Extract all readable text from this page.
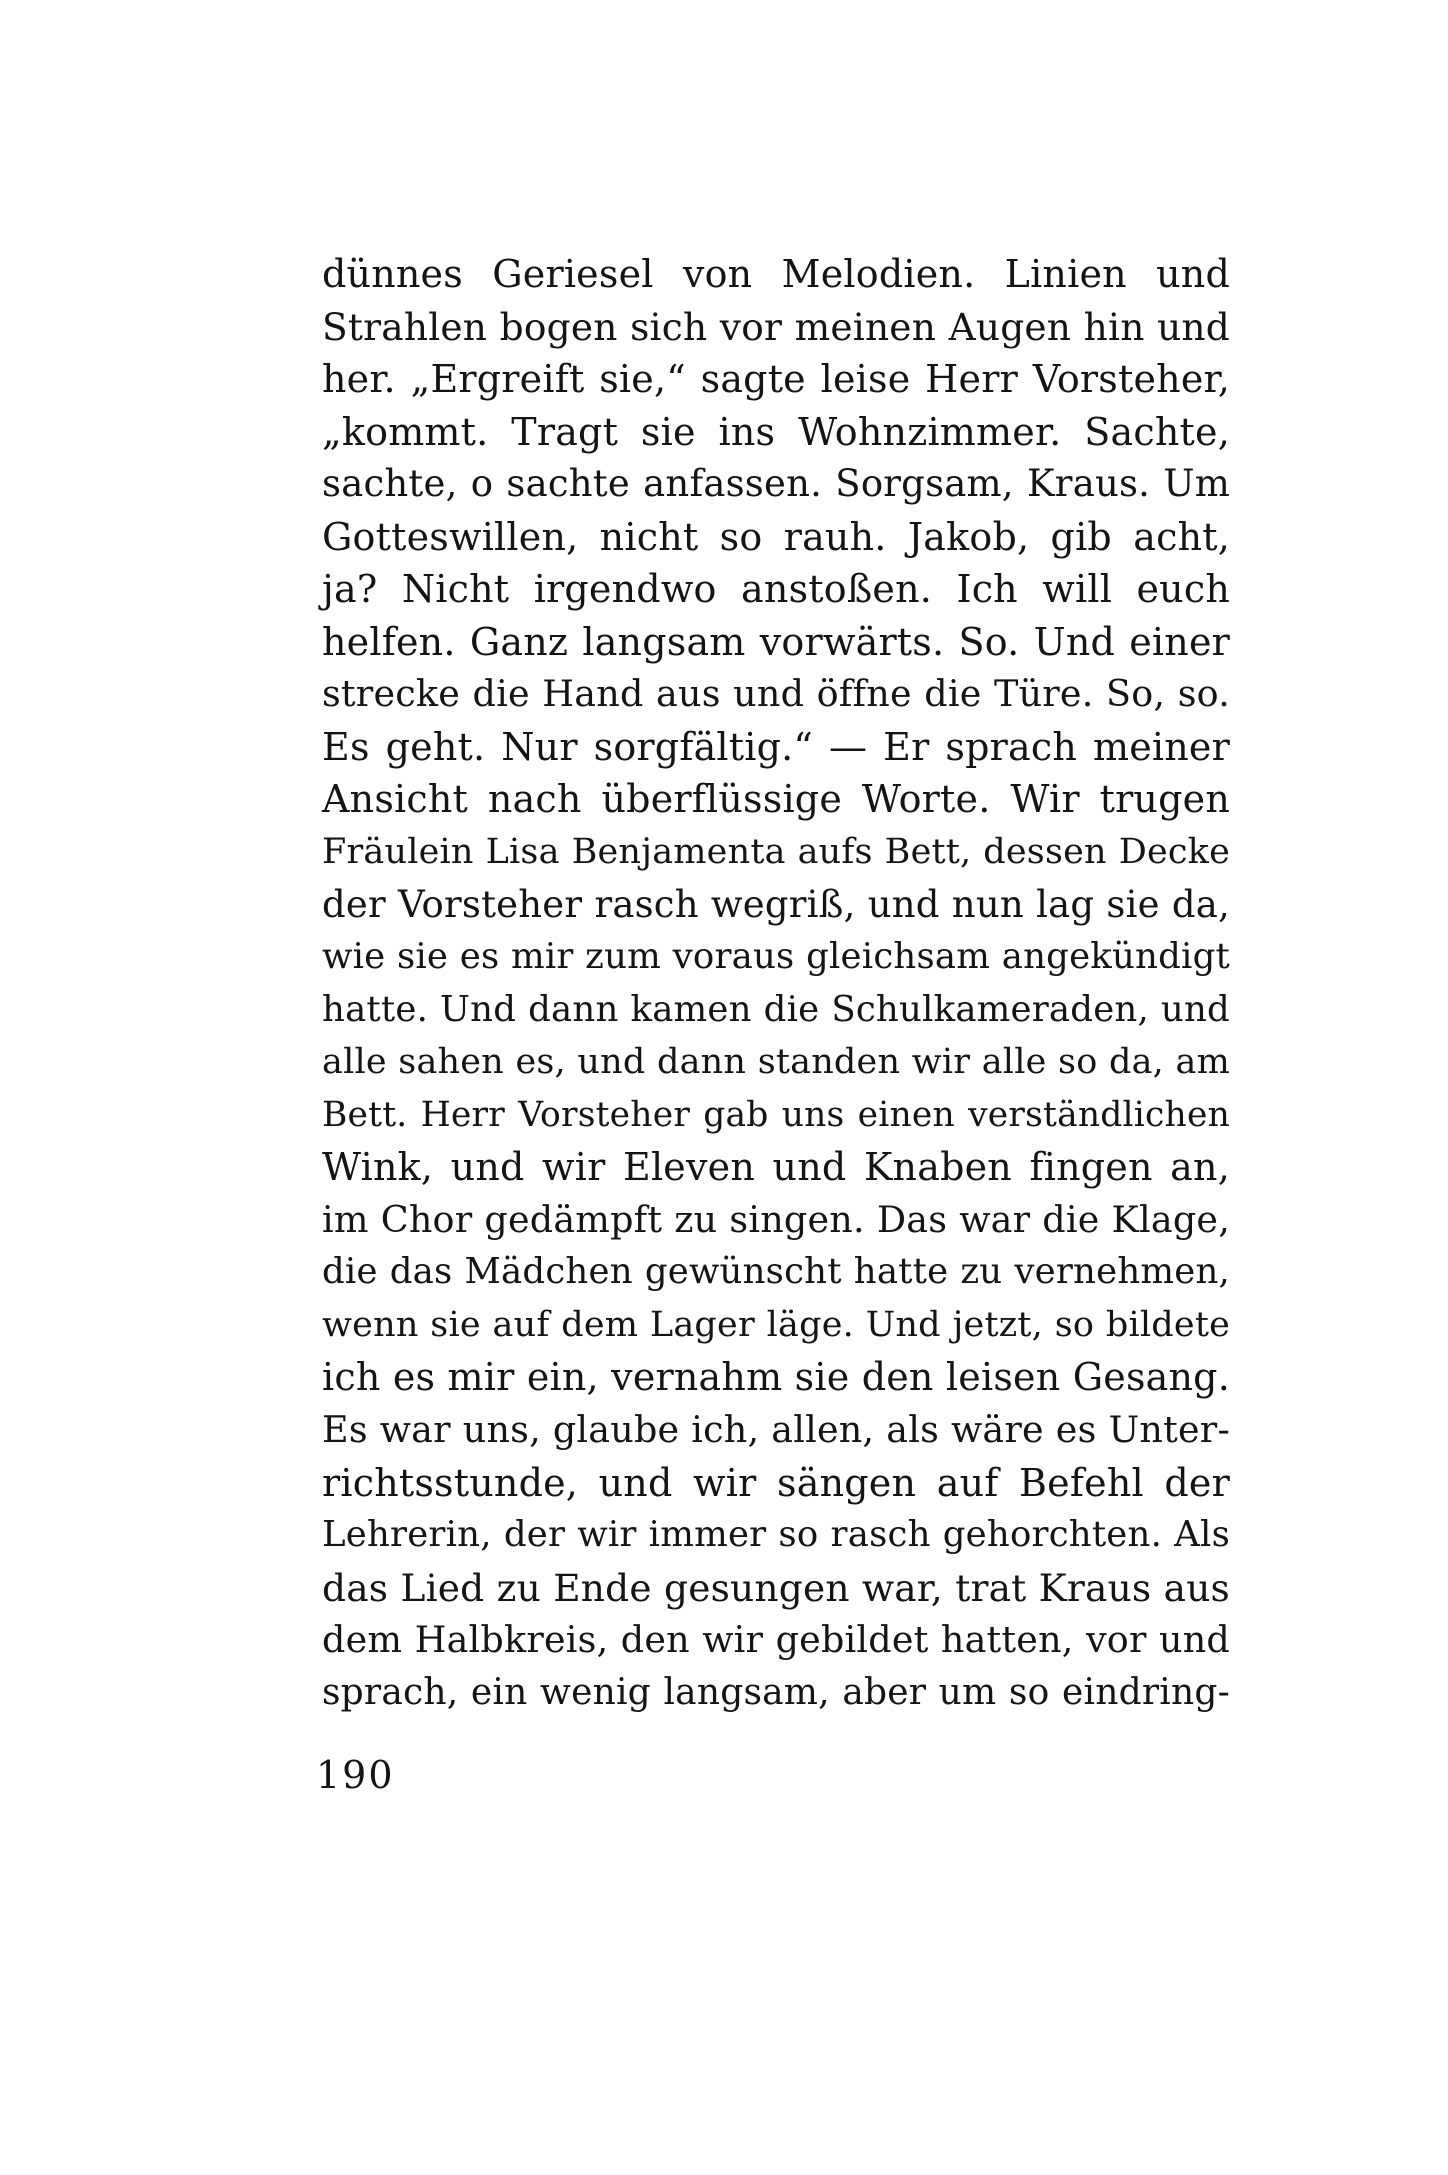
dünnes Geriesel von Melodien. Linien und
Strahlen bogen sich vor meinen Augen hin und
her. „Ergreift sie,“ sagte leise Herr Vorsteher,
„kommt. Tragt sie ins Wohnzimmer. Sachte,
sachte, o sachte anfassen. Sorgsam, Kraus. Um
Gotteswillen, nicht so rauh. Jakob, gib acht,
ja? Nicht irgendwo anstoßen. Ich will euch
helfen. Ganz langsam vorwärts. So. Und einer
strecke die Hand aus und öffne die Türe. So, so.
Es geht. Nur sorgfältig.“ — Er sprach meiner
Ansicht nach überflüssige Worte. Wir trugen
Fräulein Lisa Benjamenta aufs Bett, dessen Decke
der Vorsteher rasch wegriß, und nun lag sie da,
wie sie es mir zum voraus gleichsam angekündigt
hatte. Und dann kamen die Schulkameraden, und
alle sahen es, und dann standen wir alle so da, am
Bett. Herr Vorsteher gab uns einen verständlichen
Wink, und wir Eleven und Knaben fingen an,
im Chor gedämpft zu singen. Das war die Klage,
die das Mädchen gewünscht hatte zu vernehmen,
wenn sie auf dem Lager läge. Und jetzt, so bildete
ich es mir ein, vernahm sie den leisen Gesang.
Es war uns, glaube ich, allen, als wäre es Unter-
richtsstunde, und wir sängen auf Befehl der
Lehrerin, der wir immer so rasch gehorchten. Als
das Lied zu Ende gesungen war, trat Kraus aus
dem Halbkreis, den wir gebildet hatten, vor und
sprach, ein wenig langsam, aber um so eindring-
190
